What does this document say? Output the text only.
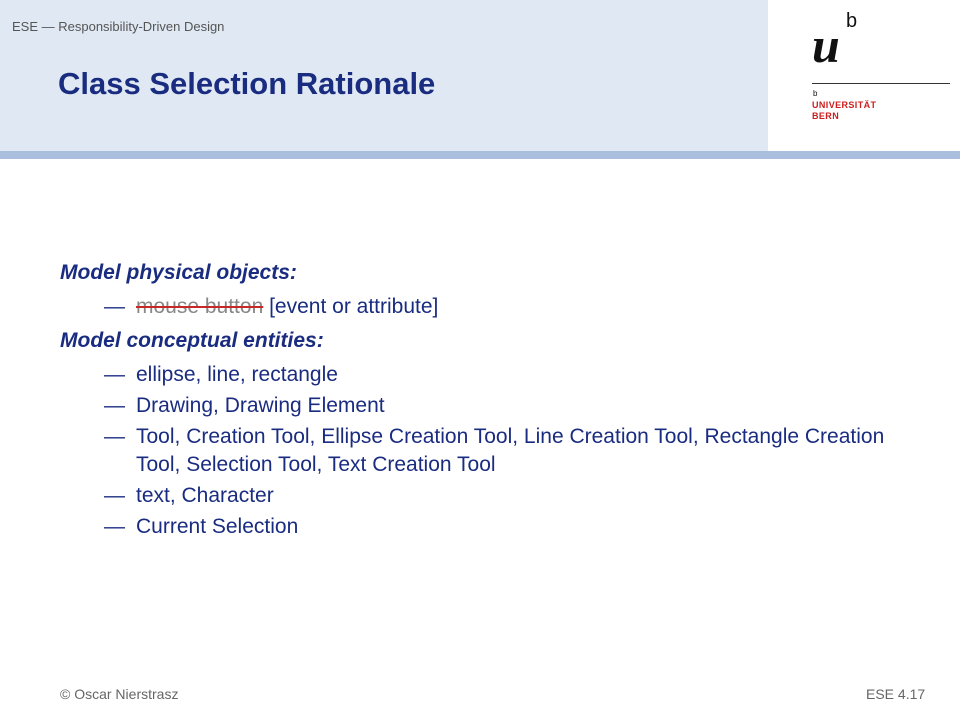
ESE — Responsibility-Driven Design
Class Selection Rationale
u b
b
UNIVERSITÄT
BERN

Model physical objects:

— mouse button [event or attribute]

Model conceptual entities:

— ellipse, line, rectangle
— Drawing, Drawing Element
— Tool, Creation Tool, Ellipse Creation Tool, Line Creation Tool, Rectangle Creation Tool, Selection Tool, Text Creation Tool
— text, Character
— Current Selection
© Oscar Nierstrasz	ESE 4.17
